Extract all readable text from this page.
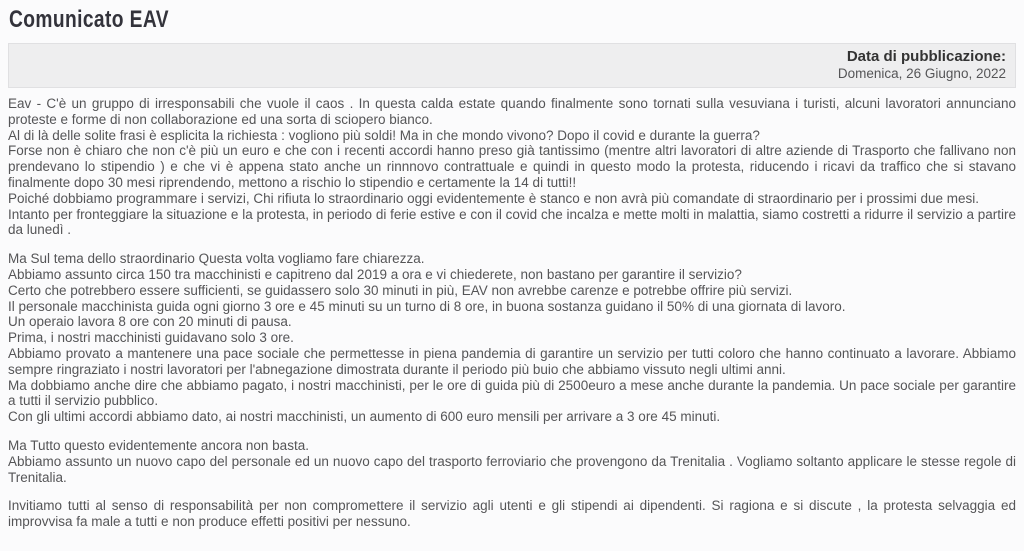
Comunicato EAV
Data di pubblicazione:
Domenica, 26 Giugno, 2022

Eav - C'è un gruppo di irresponsabili che vuole il caos . In questa calda estate quando finalmente sono tornati sulla vesuviana i turisti, alcuni lavoratori annunciano proteste e forme di non collaborazione ed una sorta di sciopero bianco.
Al di là delle solite frasi è esplicita la richiesta : vogliono più soldi! Ma in che mondo vivono? Dopo il covid e durante la guerra?
Forse non è chiaro che non c'è più un euro e che con i recenti accordi hanno preso già tantissimo (mentre altri lavoratori di altre aziende di Trasporto che fallivano non prendevano lo stipendio ) e che vi è appena stato anche un rinnnovo contrattuale e quindi in questo modo la protesta, riducendo i ricavi da traffico che si stavano finalmente dopo 30 mesi riprendendo, mettono a rischio lo stipendio e certamente la 14 di tutti!!
Poiché dobbiamo programmare i servizi, Chi rifiuta lo straordinario oggi evidentemente è stanco e non avrà più comandate di straordinario per i prossimi due mesi.
Intanto per fronteggiare la situazione e la protesta, in periodo di ferie estive e con il covid che incalza e mette molti in malattia, siamo costretti a ridurre il servizio a partire da lunedì .

Ma Sul tema dello straordinario Questa volta vogliamo fare chiarezza.
Abbiamo assunto circa 150 tra macchinisti e capitreno dal 2019 a ora e vi chiederete, non bastano per garantire il servizio?
Certo che potrebbero essere sufficienti, se guidassero solo 30 minuti in più, EAV non avrebbe carenze e potrebbe offrire più servizi.
Il personale macchinista guida ogni giorno 3 ore e 45 minuti su un turno di 8 ore, in buona sostanza guidano il 50% di una giornata di lavoro.
Un operaio lavora 8 ore con 20 minuti di pausa.
Prima, i nostri macchinisti guidavano solo 3 ore.
Abbiamo provato a mantenere una pace sociale che permettesse in piena pandemia di garantire un servizio per tutti coloro che hanno continuato a lavorare. Abbiamo sempre ringraziato i nostri lavoratori per l'abnegazione dimostrata durante il periodo più buio che abbiamo vissuto negli ultimi anni.
Ma dobbiamo anche dire che abbiamo pagato, i nostri macchinisti, per le ore di guida più di 2500euro a mese anche durante la pandemia. Un pace sociale per garantire a tutti il servizio pubblico.
Con gli ultimi accordi abbiamo dato, ai nostri macchinisti, un aumento di 600 euro mensili per arrivare a 3 ore 45 minuti.

Ma Tutto questo evidentemente ancora non basta.
Abbiamo assunto un nuovo capo del personale ed un nuovo capo del trasporto ferroviario che provengono da Trenitalia . Vogliamo soltanto applicare le stesse regole di Trenitalia.

Invitiamo tutti al senso di responsabilità per non compromettere il servizio agli utenti e gli stipendi ai dipendenti. Si ragiona e si discute , la protesta selvaggia ed improvvisa fa male a tutti e non produce effetti positivi per nessuno.
